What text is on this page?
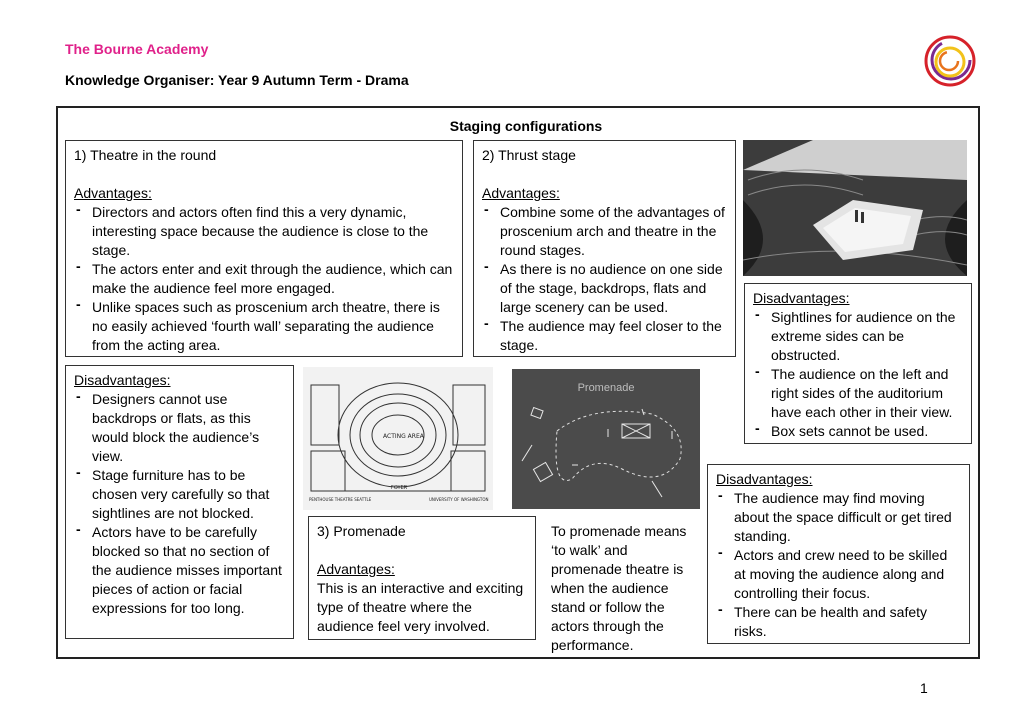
The Bourne Academy
Knowledge Organiser: Year 9 Autumn Term - Drama
Staging configurations
1) Theatre in the round
Advantages:
- Directors and actors often find this a very dynamic, interesting space because the audience is close to the stage.
- The actors enter and exit through the audience, which can make the audience feel more engaged.
- Unlike spaces such as proscenium arch theatre, there is no easily achieved ‘fourth wall’ separating the audience from the acting area.
2) Thrust stage
Advantages:
- Combine some of the advantages of proscenium arch and theatre in the round stages.
- As there is no audience on one side of the stage, backdrops, flats and large scenery can be used.
- The audience may feel closer to the stage.
Disadvantages:
- Sightlines for audience on the extreme sides can be obstructed.
- The audience on the left and right sides of the auditorium have each other in their view.
- Box sets cannot be used.
Disadvantages:
- Designers cannot use backdrops or flats, as this would block the audience’s view.
- Stage furniture has to be chosen very carefully so that sightlines are not blocked.
- Actors have to be carefully blocked so that no section of the audience misses important pieces of action or facial expressions for too long.
ACTING AREA
FOYER
PENTHOUSE THEATRE SEATTLE	UNIVERSITY OF WASHINGTON
Promenade
3) Promenade
Advantages:
This is an interactive and exciting type of theatre where the audience feel very involved.
To promenade means ‘to walk’ and promenade theatre is when the audience stand or follow the actors through the performance.
Disadvantages:
- The audience may find moving about the space difficult or get tired standing.
- Actors and crew need to be skilled at moving the audience along and controlling their focus.
- There can be health and safety risks.
1
